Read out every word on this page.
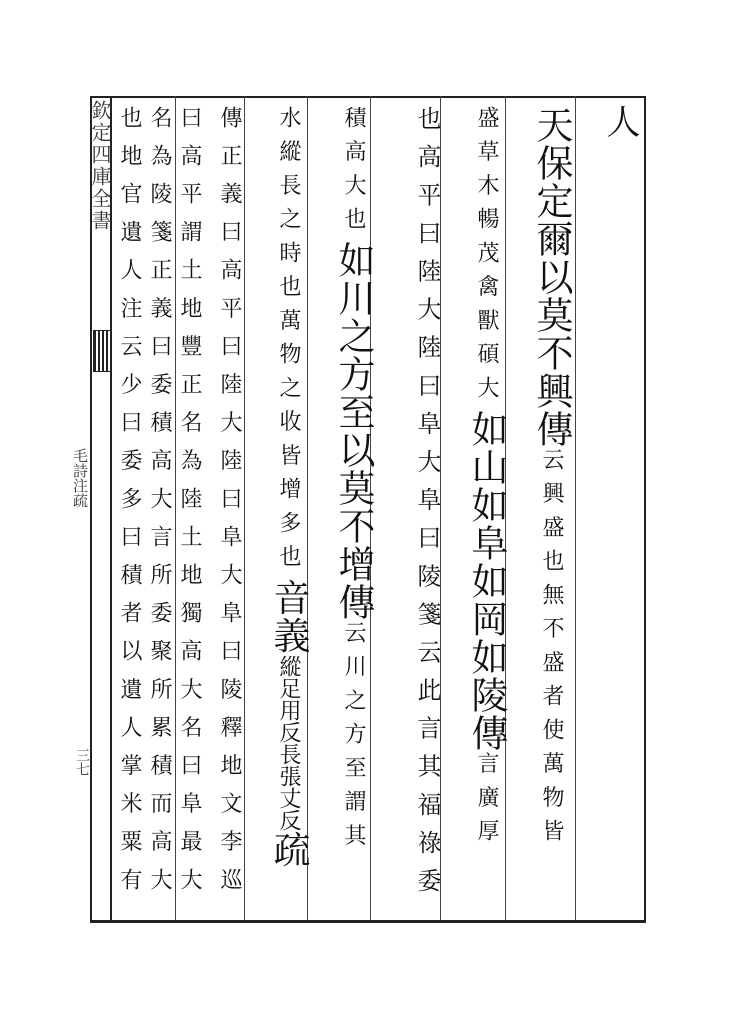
欽定四庫全書
毛詩注疏
三七
人
天保定爾以莫不興傳云興盛也無不盛者使萬物皆
盛草木暢茂禽獸碩大如山如阜如岡如陵傳言廣厚
也高平曰陸大陸曰阜大阜曰陵箋云此言其福祿委
積高大也如川之方至以莫不增傳云川之方至謂其
水縱長之時也萬物之收皆增多也音義縱足用反長張丈反疏
傳正義曰高平曰陸大陸曰阜大阜曰陵釋地文李巡
曰高平謂土地豐正名為陸土地獨高大名曰阜最大
名為陵箋正義曰委積高大言所委聚所累積而高大
也地官遺人注云少曰委多曰積者以遺人掌米粟有
